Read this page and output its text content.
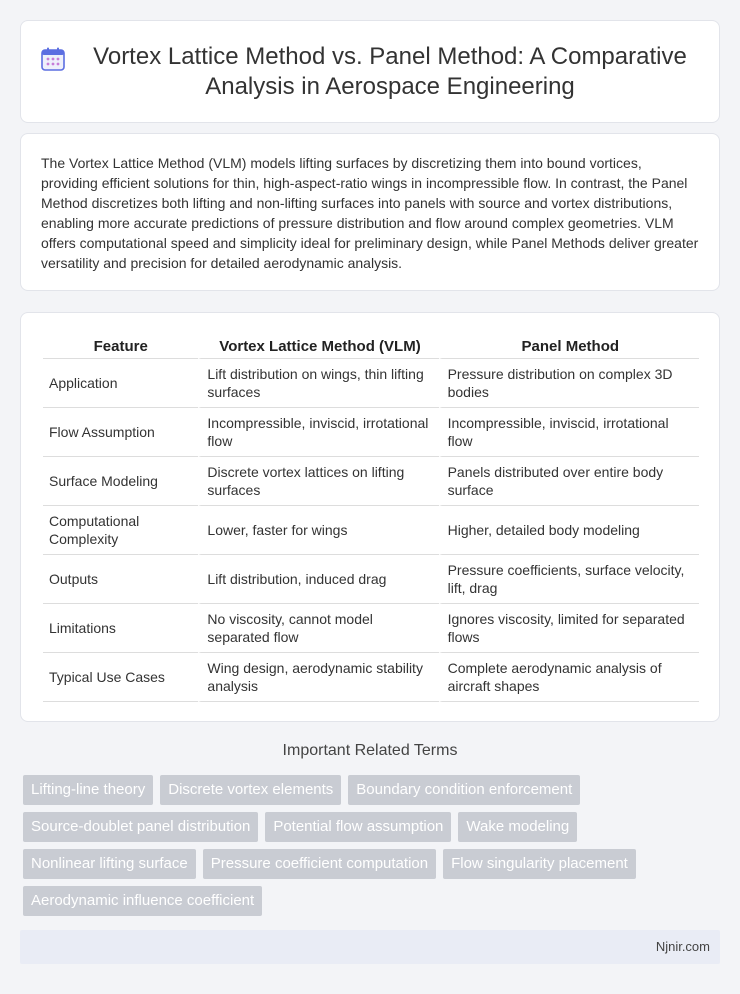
Vortex Lattice Method vs. Panel Method: A Comparative Analysis in Aerospace Engineering

The Vortex Lattice Method (VLM) models lifting surfaces by discretizing them into bound vortices, providing efficient solutions for thin, high-aspect-ratio wings in incompressible flow. In contrast, the Panel Method discretizes both lifting and non-lifting surfaces into panels with source and vortex distributions, enabling more accurate predictions of pressure distribution and flow around complex geometries. VLM offers computational speed and simplicity ideal for preliminary design, while Panel Methods deliver greater versatility and precision for detailed aerodynamic analysis.

Feature	Vortex Lattice Method (VLM)	Panel Method
Application	Lift distribution on wings, thin lifting surfaces	Pressure distribution on complex 3D bodies
Flow Assumption	Incompressible, inviscid, irrotational flow	Incompressible, inviscid, irrotational flow
Surface Modeling	Discrete vortex lattices on lifting surfaces	Panels distributed over entire body surface
Computational Complexity	Lower, faster for wings	Higher, detailed body modeling
Outputs	Lift distribution, induced drag	Pressure coefficients, surface velocity, lift, drag
Limitations	No viscosity, cannot model separated flow	Ignores viscosity, limited for separated flows
Typical Use Cases	Wing design, aerodynamic stability analysis	Complete aerodynamic analysis of aircraft shapes
Important Related Terms
Lifting-line theory	Discrete vortex elements	Boundary condition enforcement
Source-doublet panel distribution	Potential flow assumption	Wake modeling
Nonlinear lifting surface	Pressure coefficient computation	Flow singularity placement
Aerodynamic influence coefficient
Njnir.com
